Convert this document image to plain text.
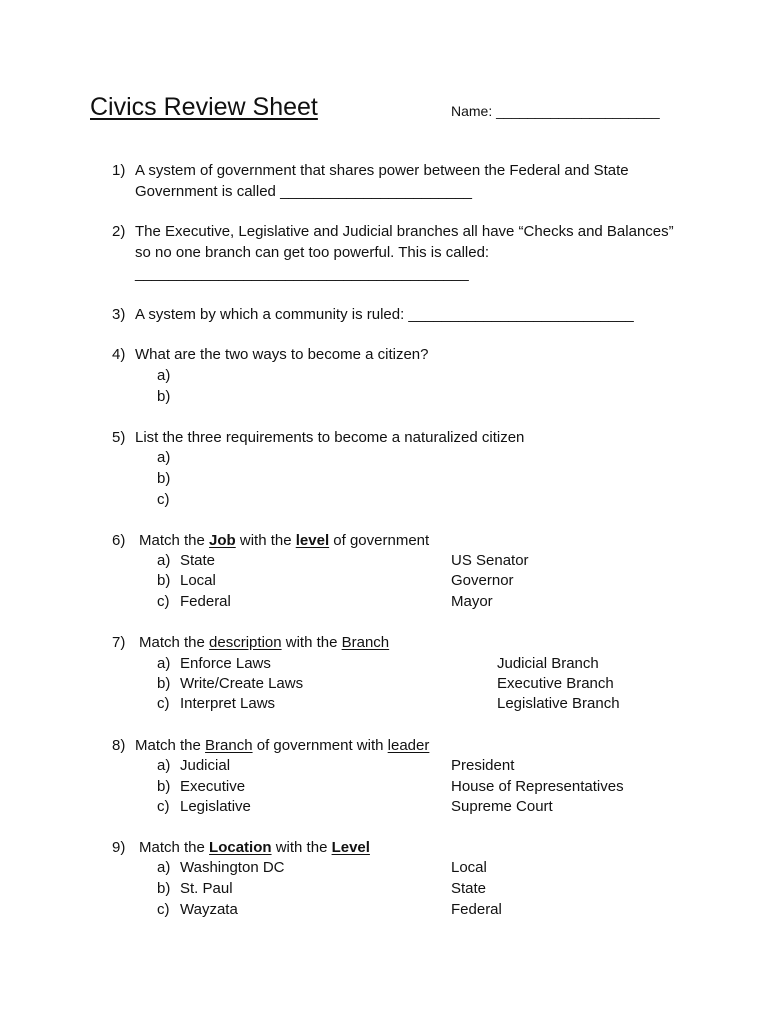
Civics Review Sheet	Name: _____________________
1) A system of government that shares power between the Federal and State
Government is called _______________________
2) The Executive, Legislative and Judicial branches all have “Checks and Balances”
so no one branch can get too powerful. This is called:
________________________________________
3) A system by which a community is ruled: ___________________________
4) What are the two ways to become a citizen?
a)
b)
5) List the three requirements to become a naturalized citizen
a)
b)
c)
6) Match the Job with the level of government
a) State	US Senator
b) Local	Governor
c) Federal	Mayor
7) Match the description with the Branch
a) Enforce Laws	Judicial Branch
b) Write/Create Laws	Executive Branch
c) Interpret Laws	Legislative Branch
8) Match the Branch of government with leader
a) Judicial	President
b) Executive	House of Representatives
c) Legislative	Supreme Court
9) Match the Location with the Level
a) Washington DC	Local
b) St. Paul	State
c) Wayzata	Federal
